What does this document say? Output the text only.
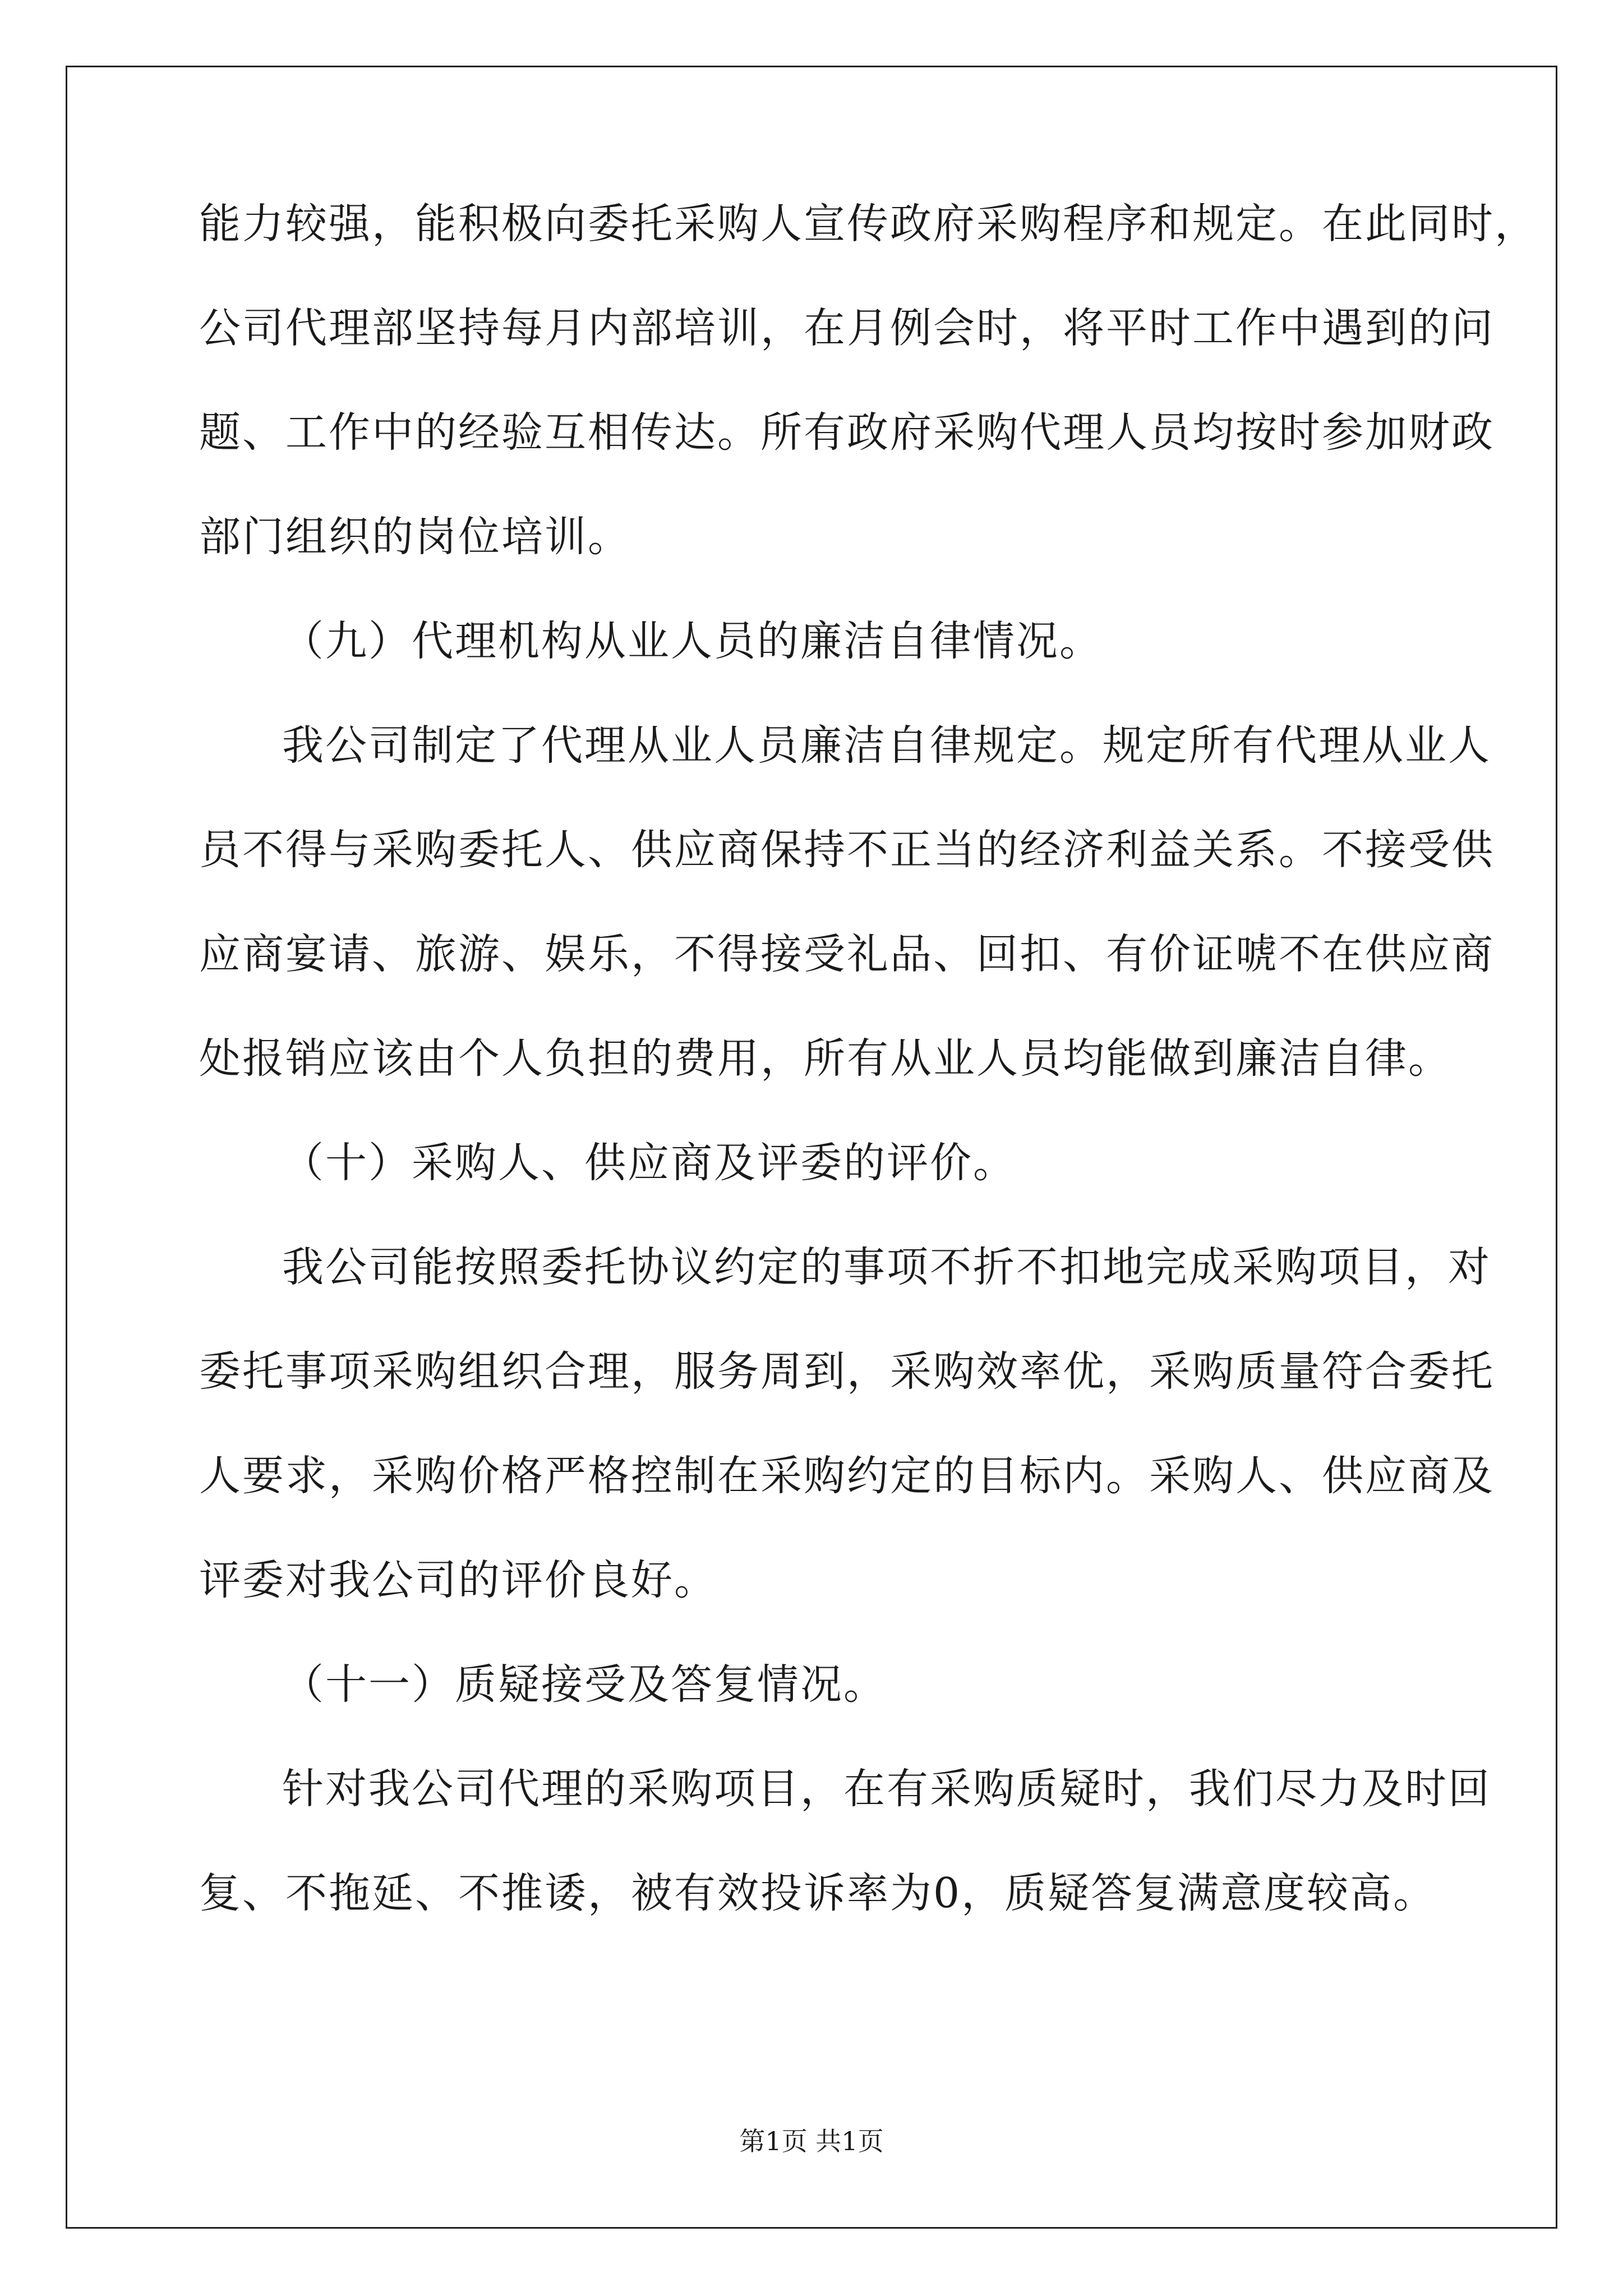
能力较强，能积极向委托采购人宣传政府采购程序和规定。在此同时，

公司代理部坚持每月内部培训，在月例会时，将平时工作中遇到的问

题、工作中的经验互相传达。所有政府采购代理人员均按时参加财政

部门组织的岗位培训。

（九）代理机构从业人员的廉洁自律情况。

我公司制定了代理从业人员廉洁自律规定。规定所有代理从业人

员不得与采购委托人、供应商保持不正当的经济利益关系。不接受供

应商宴请、旅游、娱乐，不得接受礼品、回扣、有价证唬不在供应商

处报销应该由个人负担的费用，所有从业人员均能做到廉洁自律。

（十）采购人、供应商及评委的评价。

我公司能按照委托协议约定的事项不折不扣地完成采购项目，对

委托事项采购组织合理，服务周到，采购效率优，采购质量符合委托

人要求，采购价格严格控制在采购约定的目标内。采购人、供应商及

评委对我公司的评价良好。

（十一）质疑接受及答复情况。

针对我公司代理的采购项目，在有采购质疑时，我们尽力及时回

复、不拖延、不推诿，被有效投诉率为0，质疑答复满意度较高。

第1页 共1页
